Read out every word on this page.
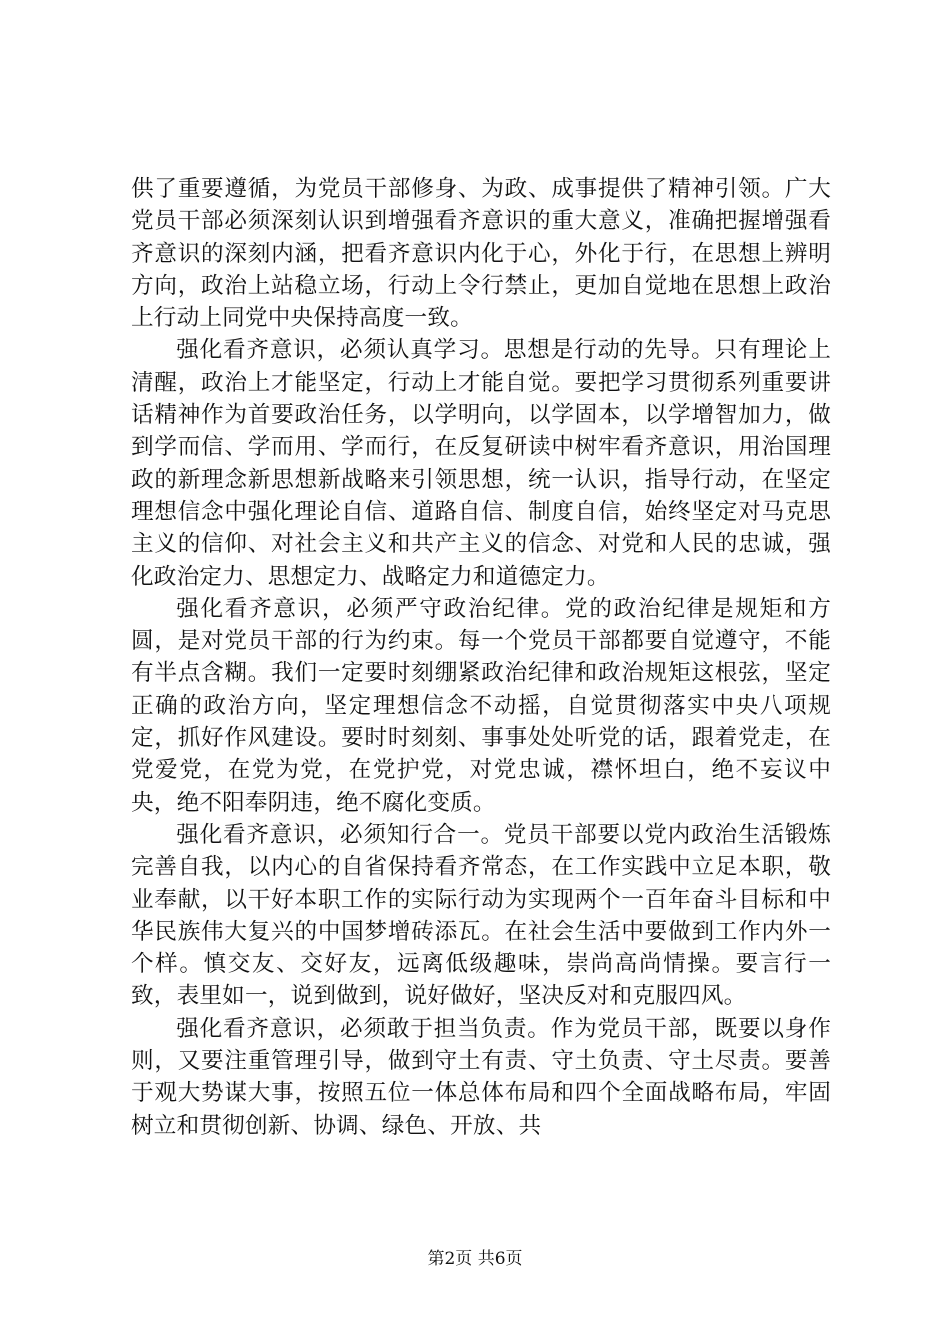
供了重要遵循，为党员干部修身、为政、成事提供了精神引领。广大党员干部必须深刻认识到增强看齐意识的重大意义，准确把握增强看齐意识的深刻内涵，把看齐意识内化于心，外化于行，在思想上辨明方向，政治上站稳立场，行动上令行禁止，更加自觉地在思想上政治上行动上同党中央保持高度一致。

强化看齐意识，必须认真学习。思想是行动的先导。只有理论上清醒，政治上才能坚定，行动上才能自觉。要把学习贯彻系列重要讲话精神作为首要政治任务，以学明向，以学固本，以学增智加力，做到学而信、学而用、学而行，在反复研读中树牢看齐意识，用治国理政的新理念新思想新战略来引领思想，统一认识，指导行动，在坚定理想信念中强化理论自信、道路自信、制度自信，始终坚定对马克思主义的信仰、对社会主义和共产主义的信念、对党和人民的忠诚，强化政治定力、思想定力、战略定力和道德定力。

强化看齐意识，必须严守政治纪律。党的政治纪律是规矩和方圆，是对党员干部的行为约束。每一个党员干部都要自觉遵守，不能有半点含糊。我们一定要时刻绷紧政治纪律和政治规矩这根弦，坚定正确的政治方向，坚定理想信念不动摇，自觉贯彻落实中央八项规定，抓好作风建设。要时时刻刻、事事处处听党的话，跟着党走，在党爱党，在党为党，在党护党，对党忠诚，襟怀坦白，绝不妄议中央，绝不阳奉阴违，绝不腐化变质。

强化看齐意识，必须知行合一。党员干部要以党内政治生活锻炼完善自我，以内心的自省保持看齐常态，在工作实践中立足本职，敬业奉献，以干好本职工作的实际行动为实现两个一百年奋斗目标和中华民族伟大复兴的中国梦增砖添瓦。在社会生活中要做到工作内外一个样。慎交友、交好友，远离低级趣味，崇尚高尚情操。要言行一致，表里如一，说到做到，说好做好，坚决反对和克服四风。

强化看齐意识，必须敢于担当负责。作为党员干部，既要以身作则，又要注重管理引导，做到守土有责、守土负责、守土尽责。要善于观大势谋大事，按照五位一体总体布局和四个全面战略布局，牢固树立和贯彻创新、协调、绿色、开放、共

第2页 共6页
